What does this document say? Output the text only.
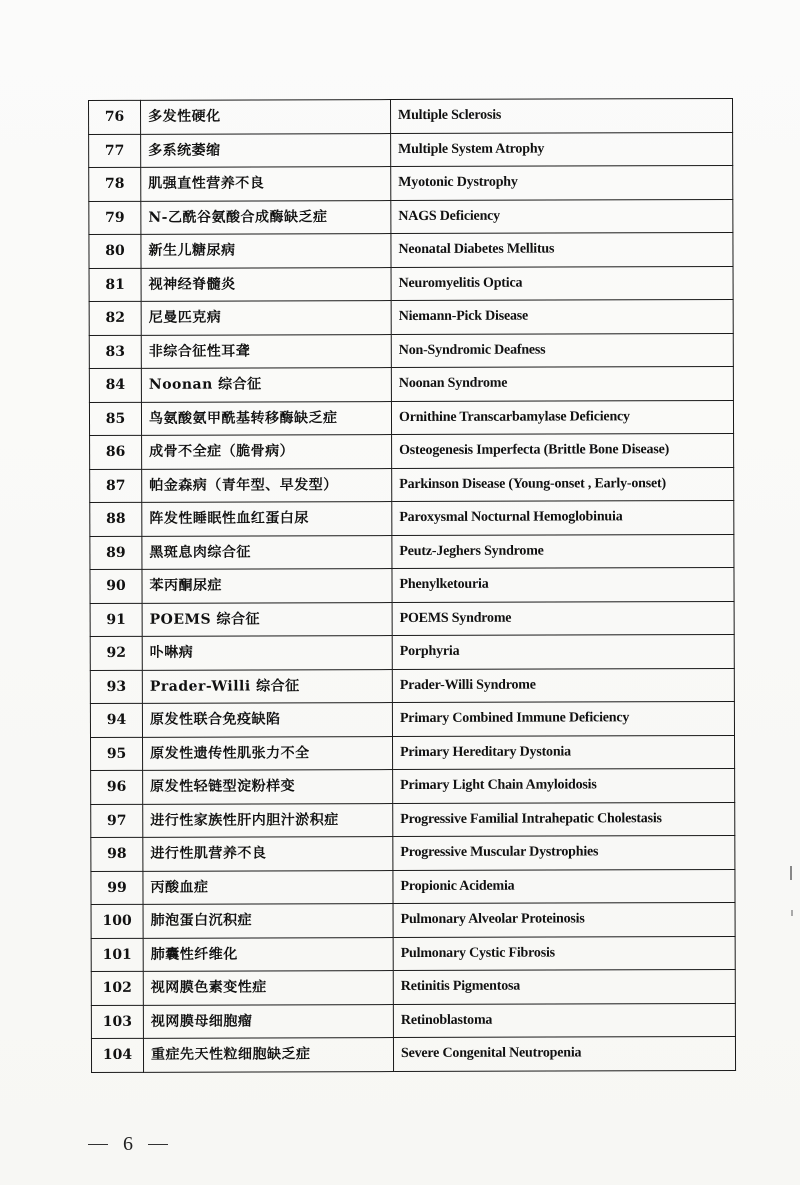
76	多发性硬化	Multiple Sclerosis
77	多系统萎缩	Multiple System Atrophy
78	肌强直性营养不良	Myotonic Dystrophy
79	N-乙酰谷氨酸合成酶缺乏症	NAGS Deficiency
80	新生儿糖尿病	Neonatal Diabetes Mellitus
81	视神经脊髓炎	Neuromyelitis Optica
82	尼曼匹克病	Niemann-Pick Disease
83	非综合征性耳聋	Non-Syndromic Deafness
84	Noonan 综合征	Noonan Syndrome
85	鸟氨酸氨甲酰基转移酶缺乏症	Ornithine Transcarbamylase Deficiency
86	成骨不全症（脆骨病）	Osteogenesis Imperfecta (Brittle Bone Disease)
87	帕金森病（青年型、早发型）	Parkinson Disease (Young-onset , Early-onset)
88	阵发性睡眠性血红蛋白尿	Paroxysmal Nocturnal Hemoglobinuia
89	黑斑息肉综合征	Peutz-Jeghers Syndrome
90	苯丙酮尿症	Phenylketouria
91	POEMS 综合征	POEMS Syndrome
92	卟啉病	Porphyria
93	Prader-Willi 综合征	Prader-Willi Syndrome
94	原发性联合免疫缺陷	Primary Combined Immune Deficiency
95	原发性遗传性肌张力不全	Primary Hereditary Dystonia
96	原发性轻链型淀粉样变	Primary Light Chain Amyloidosis
97	进行性家族性肝内胆汁淤积症	Progressive Familial Intrahepatic Cholestasis
98	进行性肌营养不良	Progressive Muscular Dystrophies
99	丙酸血症	Propionic Acidemia
100	肺泡蛋白沉积症	Pulmonary Alveolar Proteinosis
101	肺囊性纤维化	Pulmonary Cystic Fibrosis
102	视网膜色素变性症	Retinitis Pigmentosa
103	视网膜母细胞瘤	Retinoblastoma
104	重症先天性粒细胞缺乏症	Severe Congenital Neutropenia
6
